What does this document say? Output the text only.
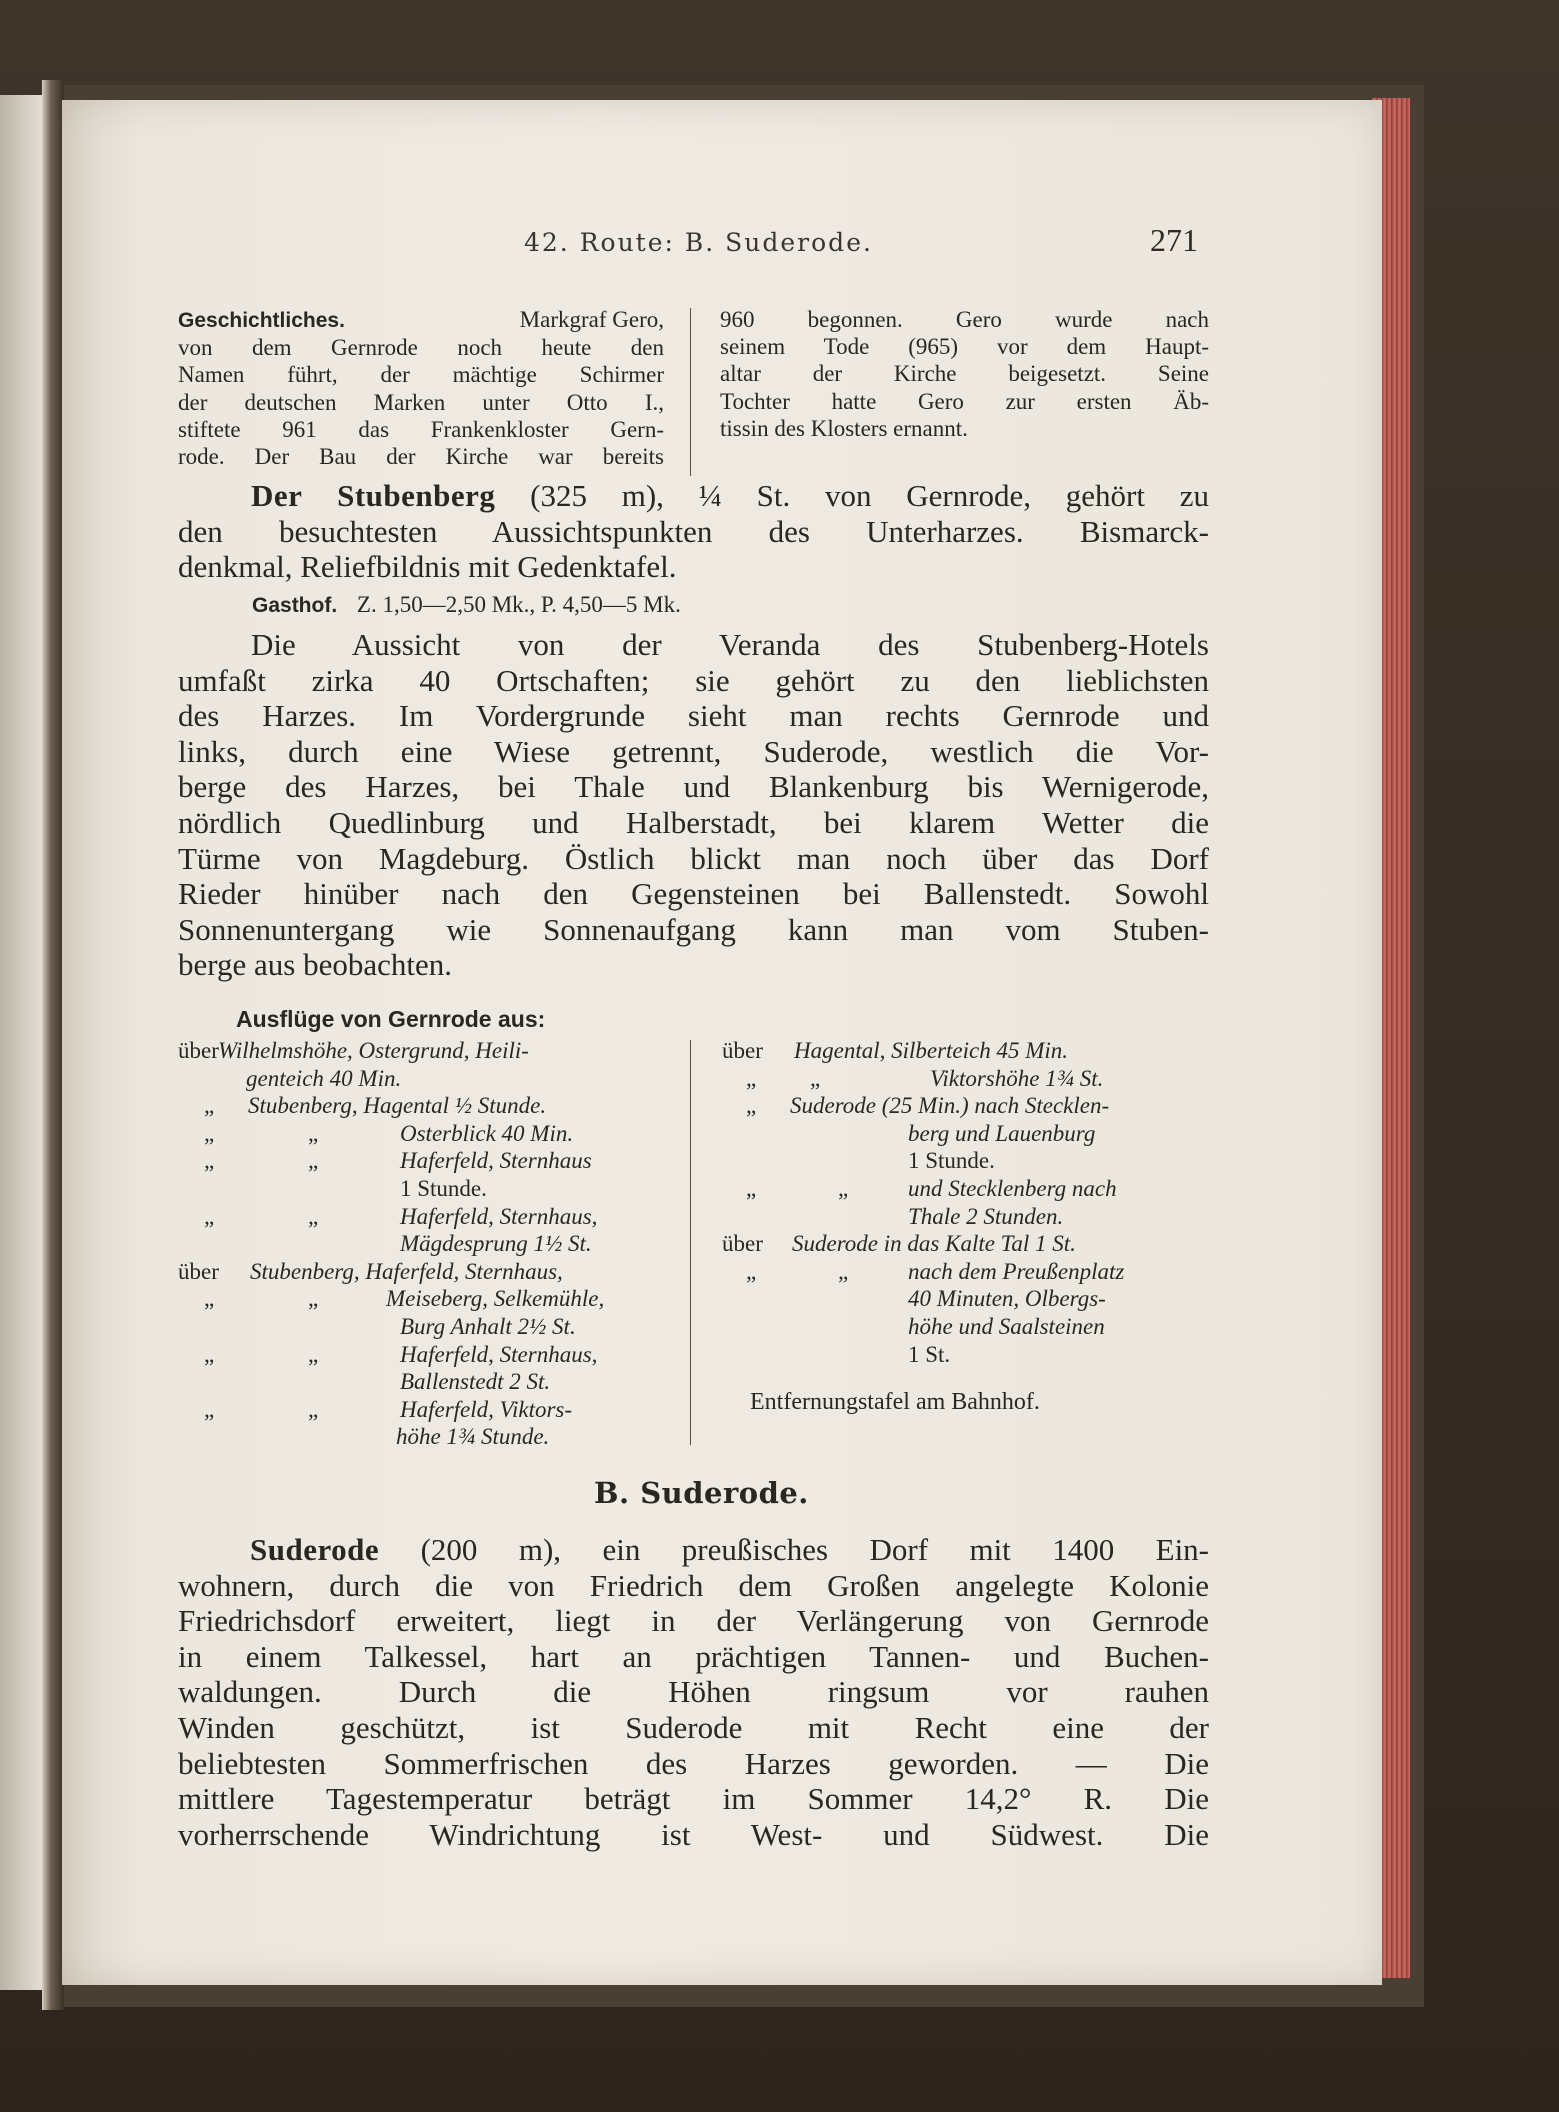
42. Route: B. Suderode.	271
Geschichtliches.	Markgraf Gero,
von dem Gernrode noch heute den
Namen führt, der mächtige Schirmer
der deutschen Marken unter Otto I.,
stiftete 961 das Frankenkloster Gern-
rode. Der Bau der Kirche war bereits
960 begonnen. Gero wurde nach
seinem Tode (965) vor dem Haupt-
altar der Kirche beigesetzt. Seine
Tochter hatte Gero zur ersten Äb-
tissin des Klosters ernannt.
Der Stubenberg (325 m), ¼ St. von Gernrode, gehört zu
den besuchtesten Aussichtspunkten des Unterharzes. Bismarck-
denkmal, Reliefbildnis mit Gedenktafel.
Gasthof. Z. 1,50—2,50 Mk., P. 4,50—5 Mk.
Die Aussicht von der Veranda des Stubenberg-Hotels
umfaßt zirka 40 Ortschaften; sie gehört zu den lieblichsten
des Harzes. Im Vordergrunde sieht man rechts Gernrode und
links, durch eine Wiese getrennt, Suderode, westlich die Vor-
berge des Harzes, bei Thale und Blankenburg bis Wernigerode,
nördlich Quedlinburg und Halberstadt, bei klarem Wetter die
Türme von Magdeburg. Östlich blickt man noch über das Dorf
Rieder hinüber nach den Gegensteinen bei Ballenstedt. Sowohl
Sonnenuntergang wie Sonnenaufgang kann man vom Stuben-
berge aus beobachten.
Ausflüge von Gernrode aus:
über Wilhelmshöhe, Ostergrund, Heili-
genteich 40 Min.
„ Stubenberg, Hagental ½ Stunde.
„	„	Osterblick 40 Min.
„	„	Haferfeld, Sternhaus
1 Stunde.
„	„	Haferfeld, Sternhaus,
Mägdesprung 1½ St.
über Stubenberg, Haferfeld, Sternhaus,
„	„	Meiseberg, Selkemühle,
Burg Anhalt 2½ St.
„	„	Haferfeld, Sternhaus,
Ballenstedt 2 St.
„	„	Haferfeld, Viktors-
höhe 1¾ Stunde.
über Hagental, Silberteich 45 Min.
„ „	Viktorshöhe 1¾ St.
„ Suderode (25 Min.) nach Stecklen-
berg und Lauenburg
1 Stunde.
„	„	und Stecklenberg nach
Thale 2 Stunden.
über Suderode in das Kalte Tal 1 St.
„	„	nach dem Preußenplatz
40 Minuten, Olbergs-
höhe und Saalsteinen
1 St.
Entfernungstafel am Bahnhof.
B. Suderode.
Suderode (200 m), ein preußisches Dorf mit 1400 Ein-
wohnern, durch die von Friedrich dem Großen angelegte Kolonie
Friedrichsdorf erweitert, liegt in der Verlängerung von Gernrode
in einem Talkessel, hart an prächtigen Tannen- und Buchen-
waldungen. Durch die Höhen ringsum vor rauhen
Winden geschützt, ist Suderode mit Recht eine der
beliebtesten Sommerfrischen des Harzes geworden. — Die
mittlere Tagestemperatur beträgt im Sommer 14,2° R. Die
vorherrschende Windrichtung ist West- und Südwest. Die
